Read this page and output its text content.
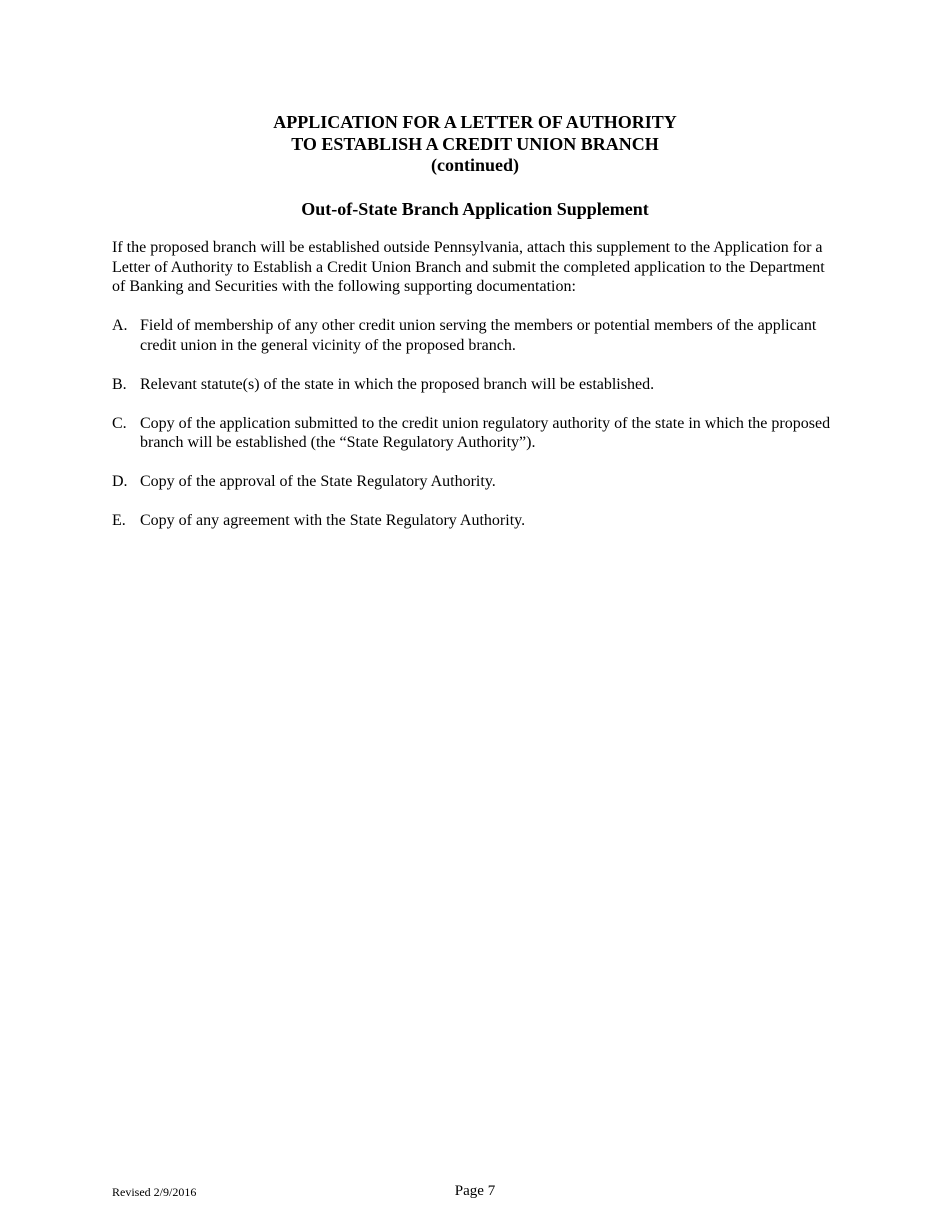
APPLICATION FOR A LETTER OF AUTHORITY
TO ESTABLISH A CREDIT UNION BRANCH
(continued)
Out-of-State Branch Application Supplement
If the proposed branch will be established outside Pennsylvania, attach this supplement to the Application for a Letter of Authority to Establish a Credit Union Branch and submit the completed application to the Department of Banking and Securities with the following supporting documentation:
A. Field of membership of any other credit union serving the members or potential members of the applicant credit union in the general vicinity of the proposed branch.
B. Relevant statute(s) of the state in which the proposed branch will be established.
C. Copy of the application submitted to the credit union regulatory authority of the state in which the proposed branch will be established (the “State Regulatory Authority”).
D. Copy of the approval of the State Regulatory Authority.
E. Copy of any agreement with the State Regulatory Authority.
Revised 2/9/2016	Page 7
